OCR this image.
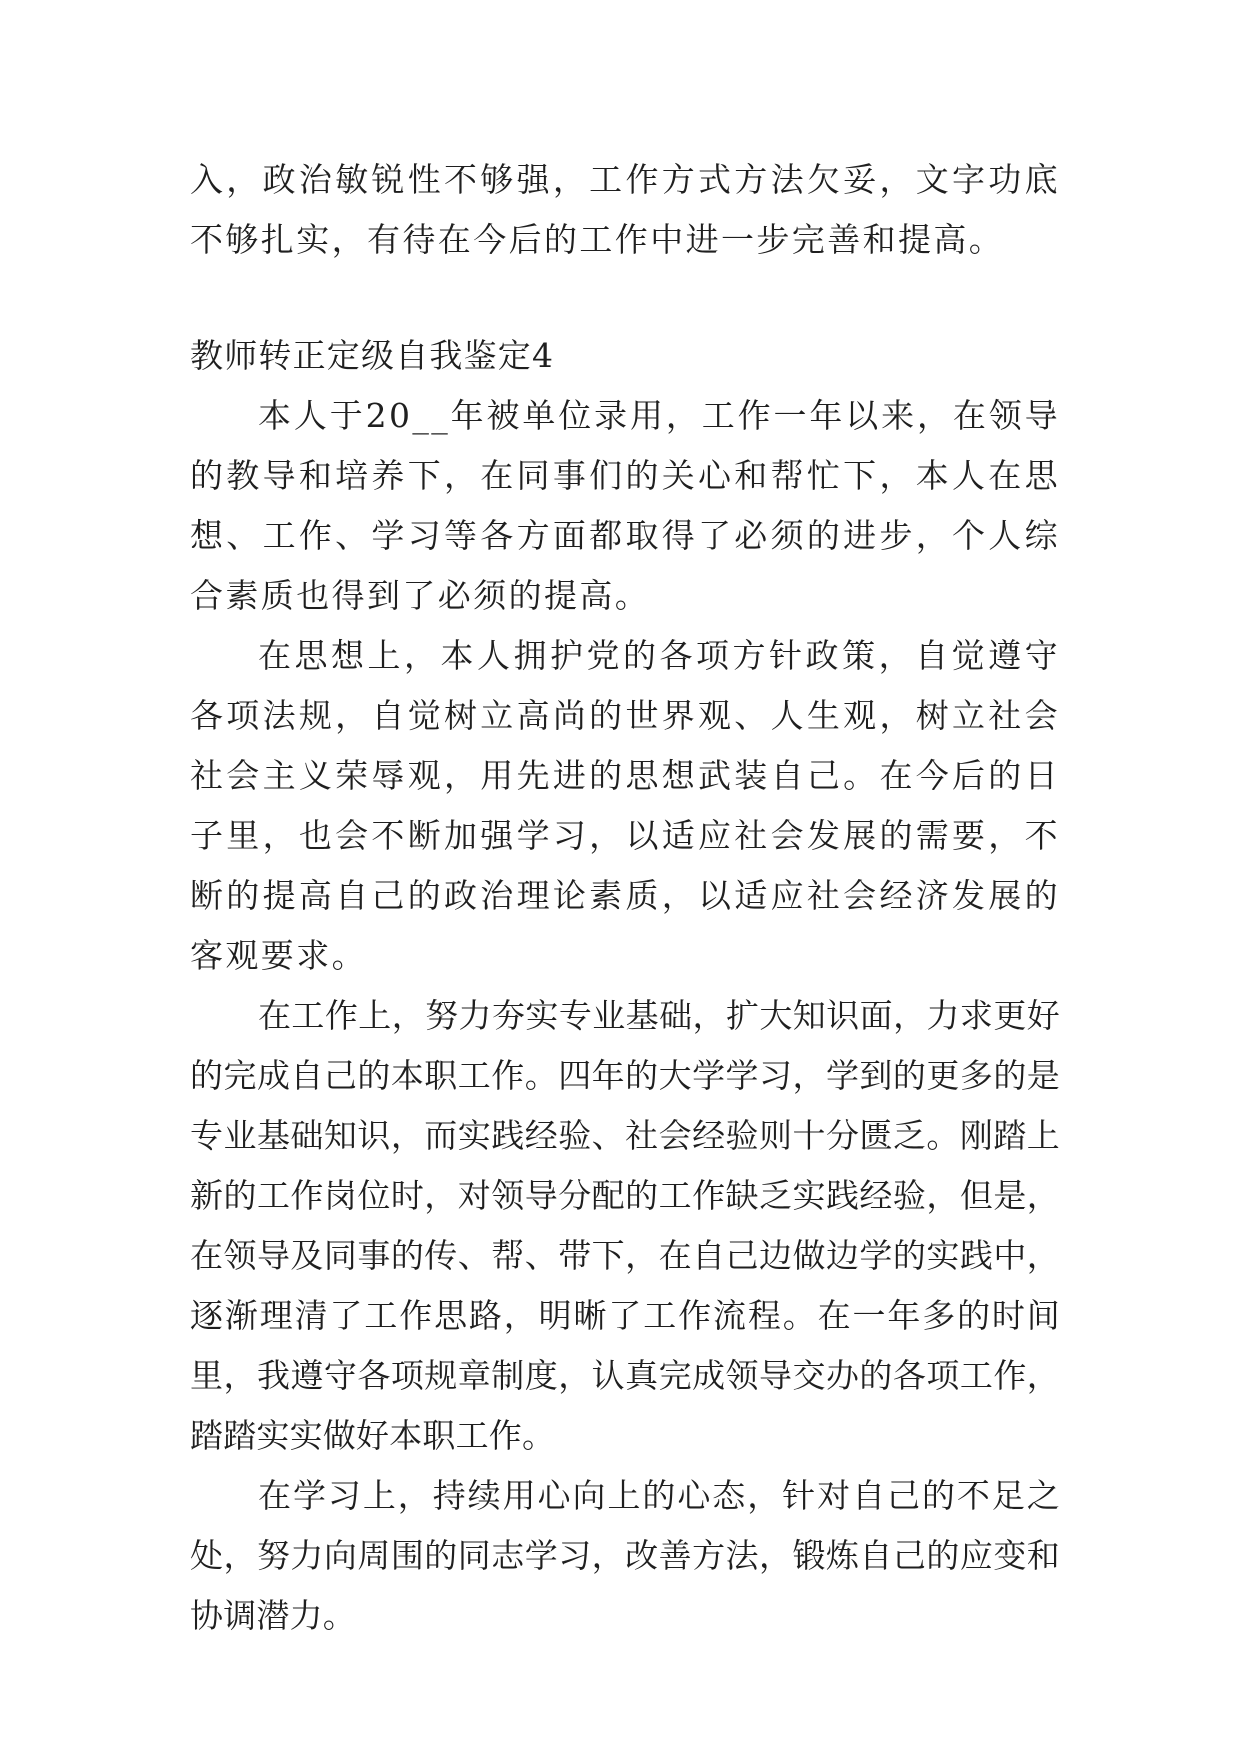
入，政治敏锐性不够强，工作方式方法欠妥，文字功底不够扎实，有待在今后的工作中进一步完善和提高。

教师转正定级自我鉴定4

本人于20__年被单位录用，工作一年以来，在领导的教导和培养下，在同事们的关心和帮忙下，本人在思想、工作、学习等各方面都取得了必须的进步，个人综合素质也得到了必须的提高。

在思想上，本人拥护党的各项方针政策，自觉遵守各项法规，自觉树立高尚的世界观、人生观，树立社会社会主义荣辱观，用先进的思想武装自己。在今后的日子里，也会不断加强学习，以适应社会发展的需要，不断的提高自己的政治理论素质，以适应社会经济发展的客观要求。

在工作上，努力夯实专业基础，扩大知识面，力求更好的完成自己的本职工作。四年的大学学习，学到的更多的是专业基础知识，而实践经验、社会经验则十分匮乏。刚踏上新的工作岗位时，对领导分配的工作缺乏实践经验，但是，在领导及同事的传、帮、带下，在自己边做边学的实践中，逐渐理清了工作思路，明晰了工作流程。在一年多的时间里，我遵守各项规章制度，认真完成领导交办的各项工作，踏踏实实做好本职工作。

在学习上，持续用心向上的心态，针对自己的不足之处，努力向周围的同志学习，改善方法，锻炼自己的应变和协调潜力。
